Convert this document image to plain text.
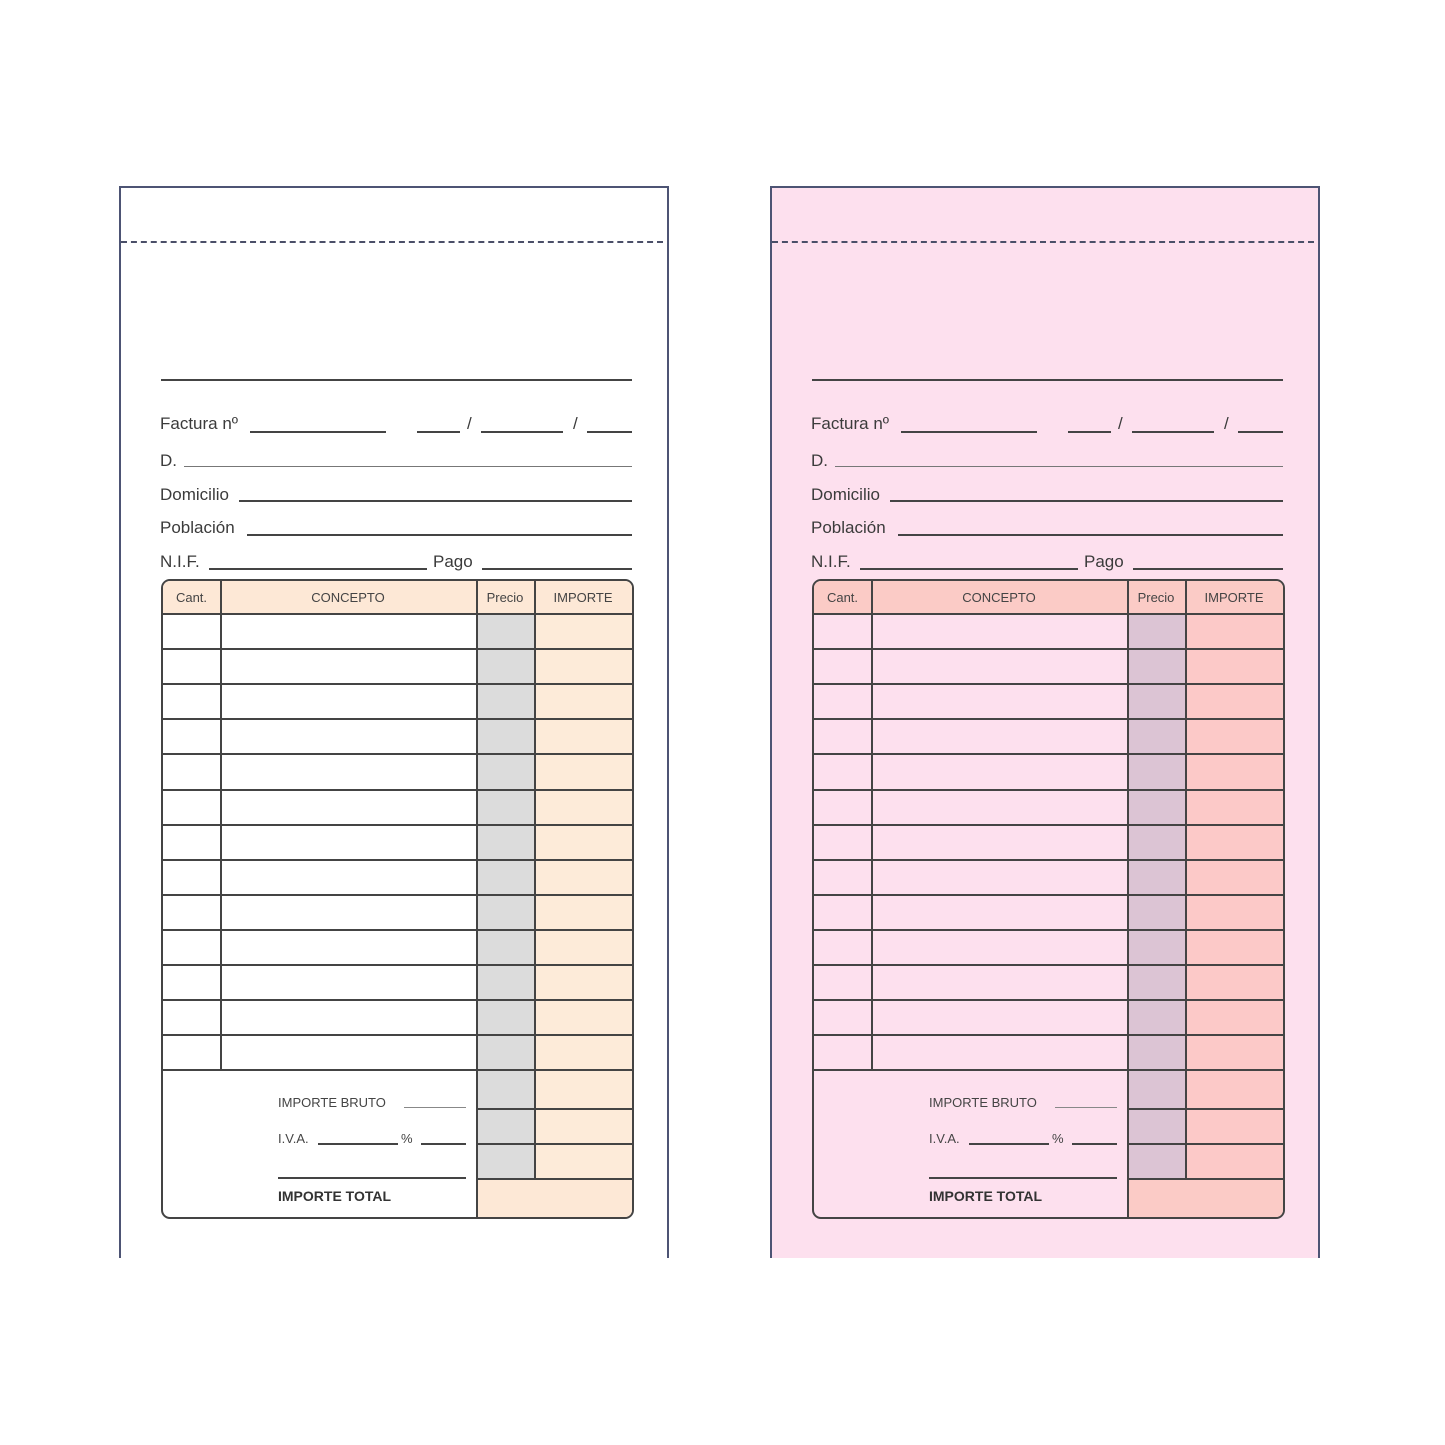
Factura nº	/	/
D.
Domicilio
Población
N.I.F.	Pago
Cant.	CONCEPTO	Precio	IMPORTE
IMPORTE BRUTO
I.V.A.	%
IMPORTE TOTAL
Factura nº	/	/
D.
Domicilio
Población
N.I.F.	Pago
Cant.	CONCEPTO	Precio	IMPORTE
IMPORTE BRUTO
I.V.A.	%
IMPORTE TOTAL
